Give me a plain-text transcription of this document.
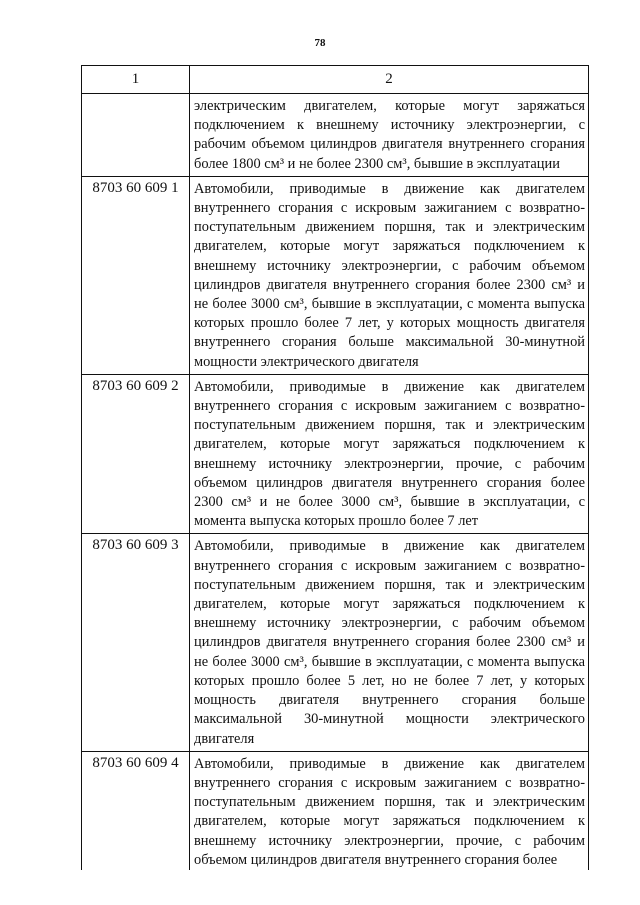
78
1	2
	электрическим двигателем, которые могут заряжаться подключением к внешнему источнику электроэнергии, с рабочим объемом цилиндров двигателя внутреннего сгорания более 1800 см³ и не более 2300 см³, бывшие в эксплуатации
8703 60 609 1	Автомобили, приводимые в движение как двигателем внутреннего сгорания с искровым зажиганием с возвратно-поступательным движением поршня, так и электрическим двигателем, которые могут заряжаться подключением к внешнему источнику электроэнергии, с рабочим объемом цилиндров двигателя внутреннего сгорания более 2300 см³ и не более 3000 см³, бывшие в эксплуатации, с момента выпуска которых прошло более 7 лет, у которых мощность двигателя внутреннего сгорания больше максимальной 30-минутной мощности электрического двигателя
8703 60 609 2	Автомобили, приводимые в движение как двигателем внутреннего сгорания с искровым зажиганием с возвратно-поступательным движением поршня, так и электрическим двигателем, которые могут заряжаться подключением к внешнему источнику электроэнергии, прочие, с рабочим объемом цилиндров двигателя внутреннего сгорания более 2300 см³ и не более 3000 см³, бывшие в эксплуатации, с момента выпуска которых прошло более 7 лет
8703 60 609 3	Автомобили, приводимые в движение как двигателем внутреннего сгорания с искровым зажиганием с возвратно-поступательным движением поршня, так и электрическим двигателем, которые могут заряжаться подключением к внешнему источнику электроэнергии, с рабочим объемом цилиндров двигателя внутреннего сгорания более 2300 см³ и не более 3000 см³, бывшие в эксплуатации, с момента выпуска которых прошло более 5 лет, но не более 7 лет, у которых мощность двигателя внутреннего сгорания больше максимальной 30-минутной мощности электрического двигателя
8703 60 609 4	Автомобили, приводимые в движение как двигателем внутреннего сгорания с искровым зажиганием с возвратно-поступательным движением поршня, так и электрическим двигателем, которые могут заряжаться подключением к внешнему источнику электроэнергии, прочие, с рабочим объемом цилиндров двигателя внутреннего сгорания более
